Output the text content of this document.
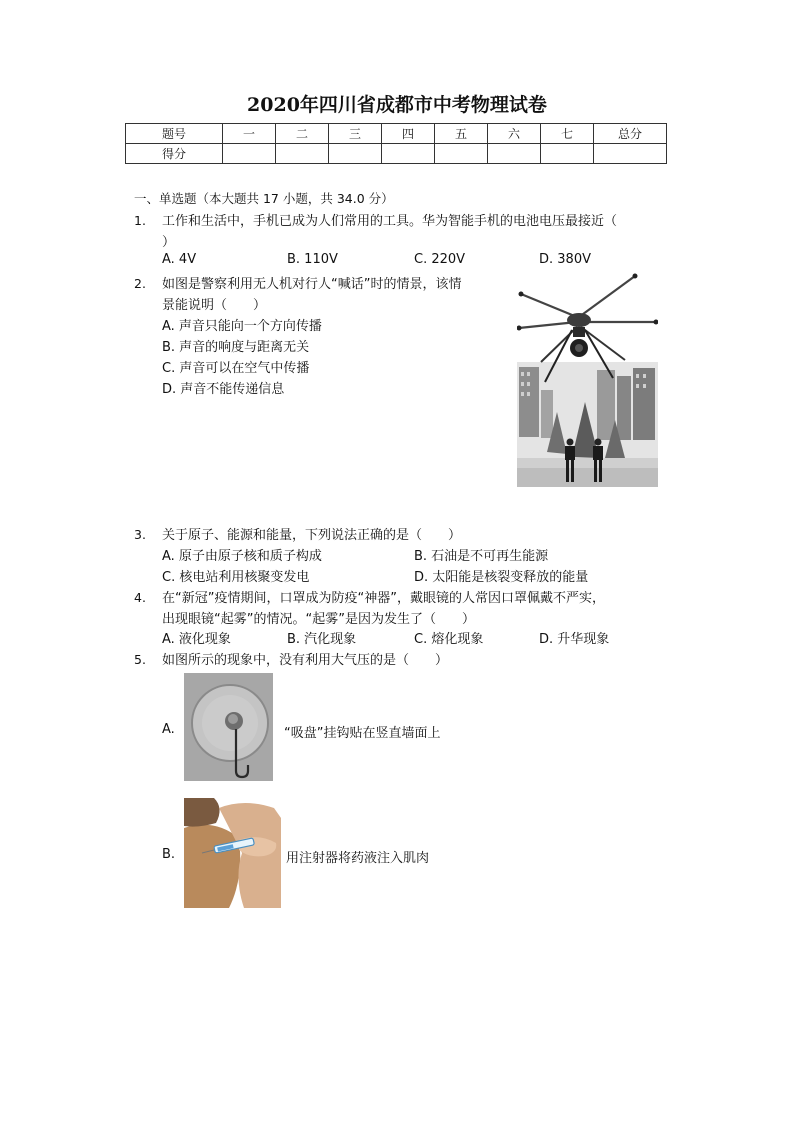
2020年四川省成都市中考物理试卷
题号	一	二	三	四	五	六	七	总分
得分								
一、单选题（本大题共 17 小题，共 34.0 分）
1. 工作和生活中，手机已成为人们常用的工具。华为智能手机的电池电压最接近（
）
A. 4V	B. 110V	C. 220V	D. 380V
2. 如图是警察利用无人机对行人“喊话”时的情景，该情
景能说明（　　）
A. 声音只能向一个方向传播
B. 声音的响度与距离无关
C. 声音可以在空气中传播
D. 声音不能传递信息
3. 关于原子、能源和能量，下列说法正确的是（　　）
A. 原子由原子核和质子构成	B. 石油是不可再生能源
C. 核电站利用核聚变发电	D. 太阳能是核裂变释放的能量
4. 在“新冠”疫情期间，口罩成为防疫“神器”，戴眼镜的人常因口罩佩戴不严实，
出现眼镜“起雾”的情况。“起雾”是因为发生了（　　）
A. 液化现象	B. 汽化现象	C. 熔化现象	D. 升华现象
5. 如图所示的现象中，没有利用大气压的是（　　）
A.	“吸盘”挂钩贴在竖直墙面上
B.	用注射器将药液注入肌肉
